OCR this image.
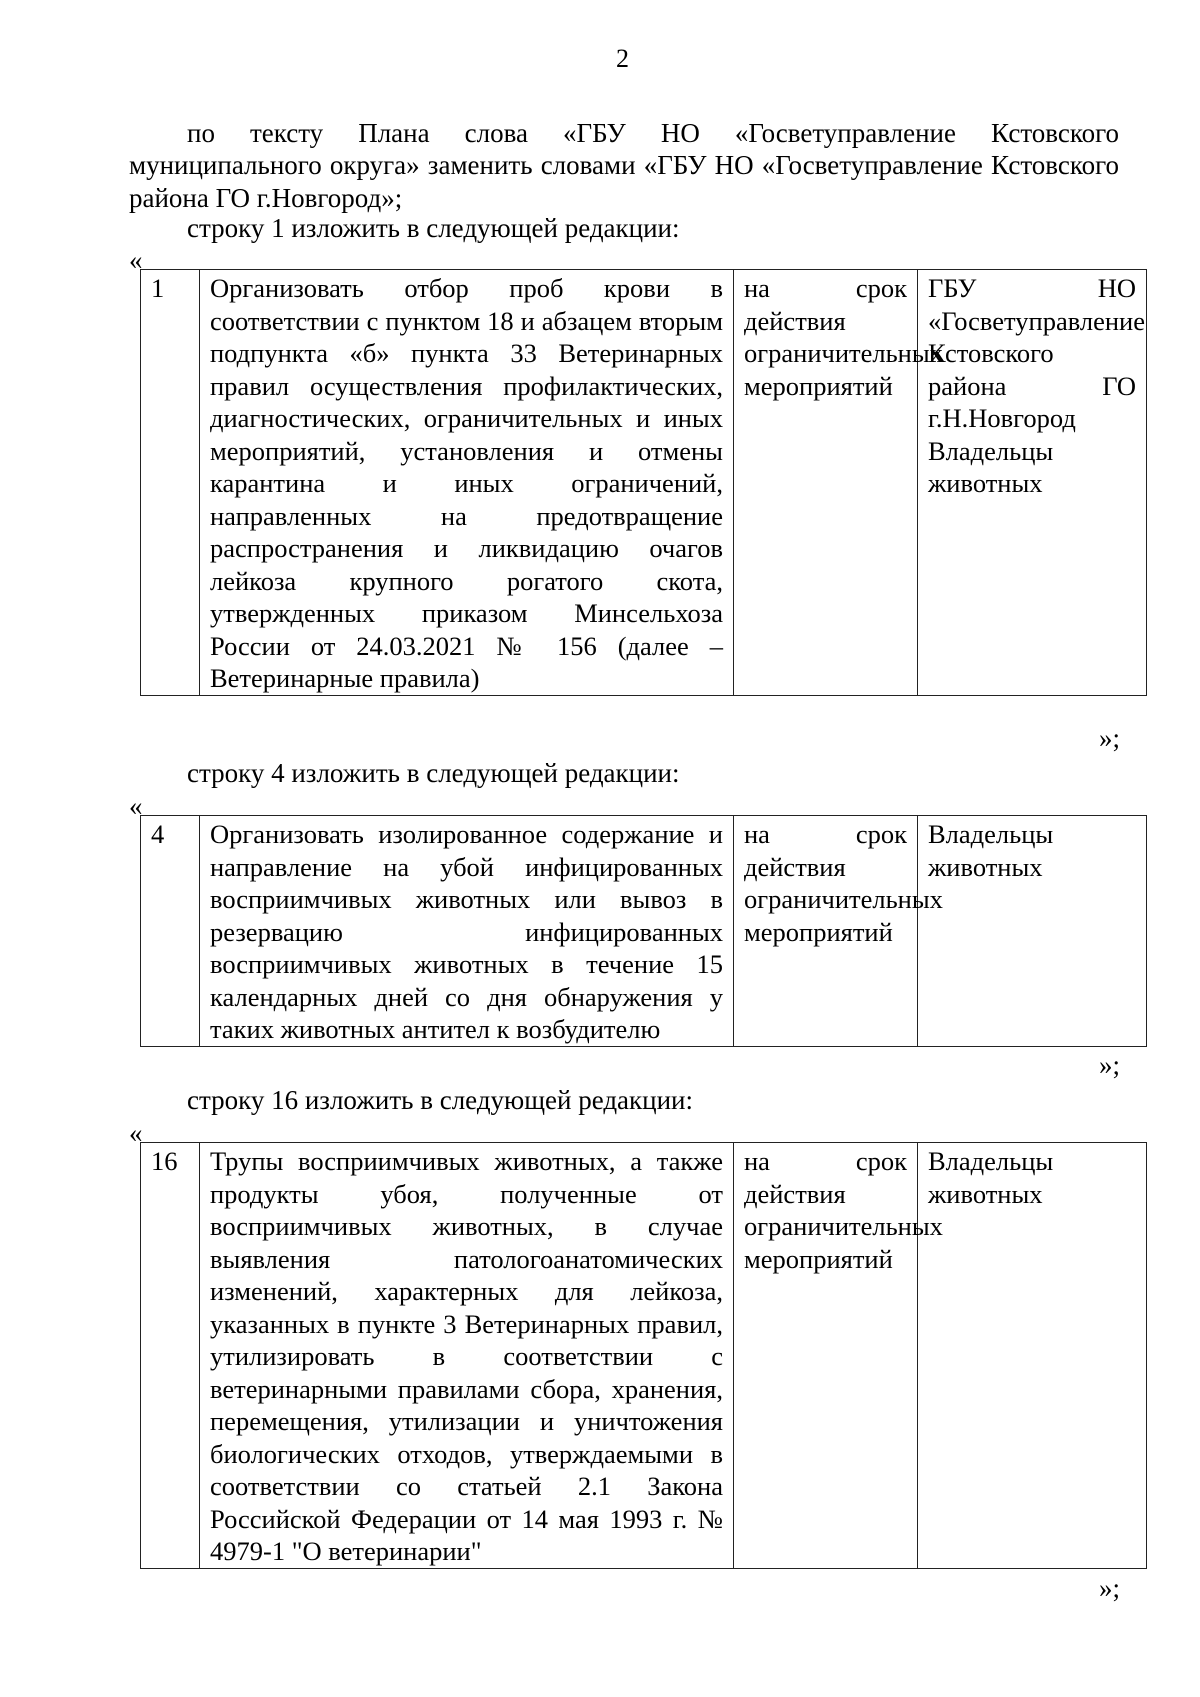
2

по тексту Плана слова «ГБУ НО «Госветуправление Кстовского муниципального округа» заменить словами «ГБУ НО «Госветуправление Кстовского района ГО г.Новгород»;

строку 1 изложить в следующей редакции:
«
1	Организовать отбор проб крови в соответствии с пунктом 18 и абзацем вторым подпункта «б» пункта 33 Ветеринарных правил осуществления профилактических, диагностических, ограничительных и иных мероприятий, установления и отмены карантина и иных ограничений, направленных на предотвращение распространения и ликвидацию очагов лейкоза крупного рогатого скота, утвержденных приказом Минсельхоза России от 24.03.2021 № 156 (далее – Ветеринарные правила)	на срок действия ограничительных мероприятий	ГБУ НО «Госветуправление Кстовского района ГО г.Н.Новгород Владельцы животных
»;
строку 4 изложить в следующей редакции:
«
4	Организовать изолированное содержание и направление на убой инфицированных восприимчивых животных или вывоз в резервацию инфицированных восприимчивых животных в течение 15 календарных дней со дня обнаружения у таких животных антител к возбудителю	на срок действия ограничительных мероприятий	Владельцы животных
»;
строку 16 изложить в следующей редакции:
«
16	Трупы восприимчивых животных, а также продукты убоя, полученные от восприимчивых животных, в случае выявления патологоанатомических изменений, характерных для лейкоза, указанных в пункте 3 Ветеринарных правил, утилизировать в соответствии с ветеринарными правилами сбора, хранения, перемещения, утилизации и уничтожения биологических отходов, утверждаемыми в соответствии со статьей 2.1 Закона Российской Федерации от 14 мая 1993 г. № 4979-1 "О ветеринарии"	на срок действия ограничительных мероприятий	Владельцы животных
»;
